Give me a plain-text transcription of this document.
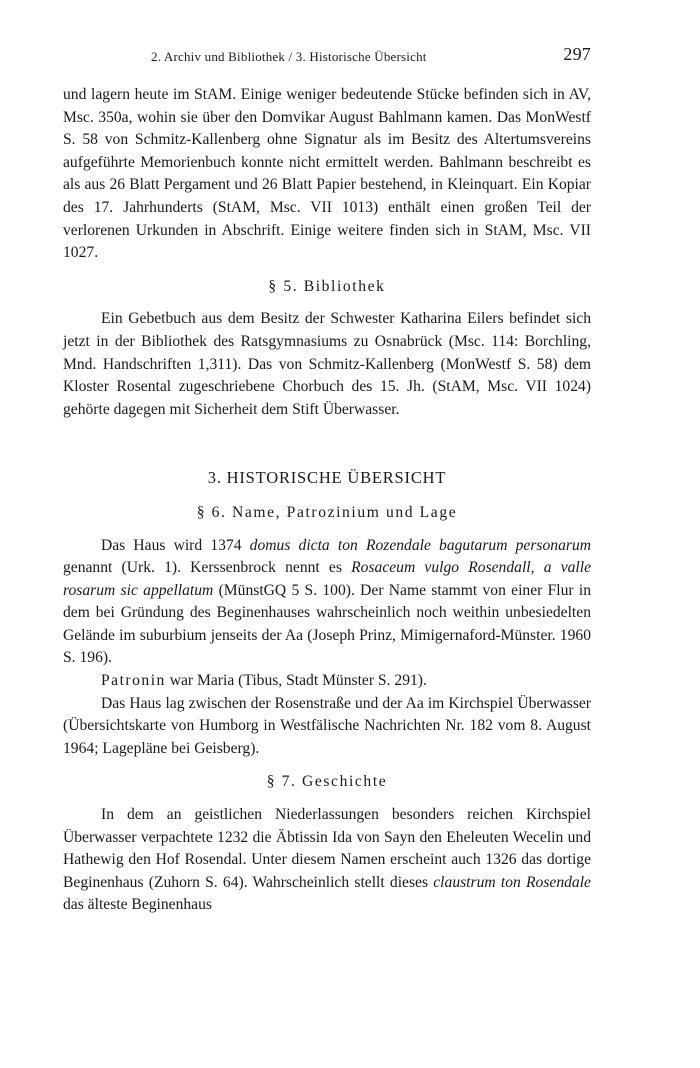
2. Archiv und Bibliothek / 3. Historische Übersicht	297

und lagern heute im StAM. Einige weniger bedeutende Stücke befinden sich in AV, Msc. 350a, wohin sie über den Domvikar August Bahlmann kamen. Das MonWestf S. 58 von Schmitz-Kallenberg ohne Signatur als im Besitz des Altertumsvereins aufgeführte Memorienbuch konnte nicht ermittelt werden. Bahlmann beschreibt es als aus 26 Blatt Pergament und 26 Blatt Papier bestehend, in Kleinquart. Ein Kopiar des 17. Jahrhunderts (StAM, Msc. VII 1013) enthält einen großen Teil der verlorenen Urkunden in Abschrift. Einige weitere finden sich in StAM, Msc. VII 1027.

§ 5. Bibliothek

Ein Gebetbuch aus dem Besitz der Schwester Katharina Eilers befindet sich jetzt in der Bibliothek des Ratsgymnasiums zu Osnabrück (Msc. 114: Borchling, Mnd. Handschriften 1,311). Das von Schmitz-Kallenberg (MonWestf S. 58) dem Kloster Rosental zugeschriebene Chorbuch des 15. Jh. (StAM, Msc. VII 1024) gehörte dagegen mit Sicherheit dem Stift Überwasser.

3. HISTORISCHE ÜBERSICHT
§ 6. Name, Patrozinium und Lage

Das Haus wird 1374 domus dicta ton Rozendale bagutarum personarum genannt (Urk. 1). Kerssenbrock nennt es Rosaceum vulgo Rosendall, a valle rosarum sic appellatum (MünstGQ 5 S. 100). Der Name stammt von einer Flur in dem bei Gründung des Beginenhauses wahrscheinlich noch weithin unbesiedelten Gelände im suburbium jenseits der Aa (Joseph Prinz, Mimigernaford-Münster. 1960 S. 196).

Patronin war Maria (Tibus, Stadt Münster S. 291).

Das Haus lag zwischen der Rosenstraße und der Aa im Kirchspiel Überwasser (Übersichtskarte von Humborg in Westfälische Nachrichten Nr. 182 vom 8. August 1964; Lagepläne bei Geisberg).

§ 7. Geschichte

In dem an geistlichen Niederlassungen besonders reichen Kirchspiel Überwasser verpachtete 1232 die Äbtissin Ida von Sayn den Eheleuten Wecelin und Hathewig den Hof Rosendal. Unter diesem Namen erscheint auch 1326 das dortige Beginenhaus (Zuhorn S. 64). Wahrscheinlich stellt dieses claustrum ton Rosendale das älteste Beginenhaus
